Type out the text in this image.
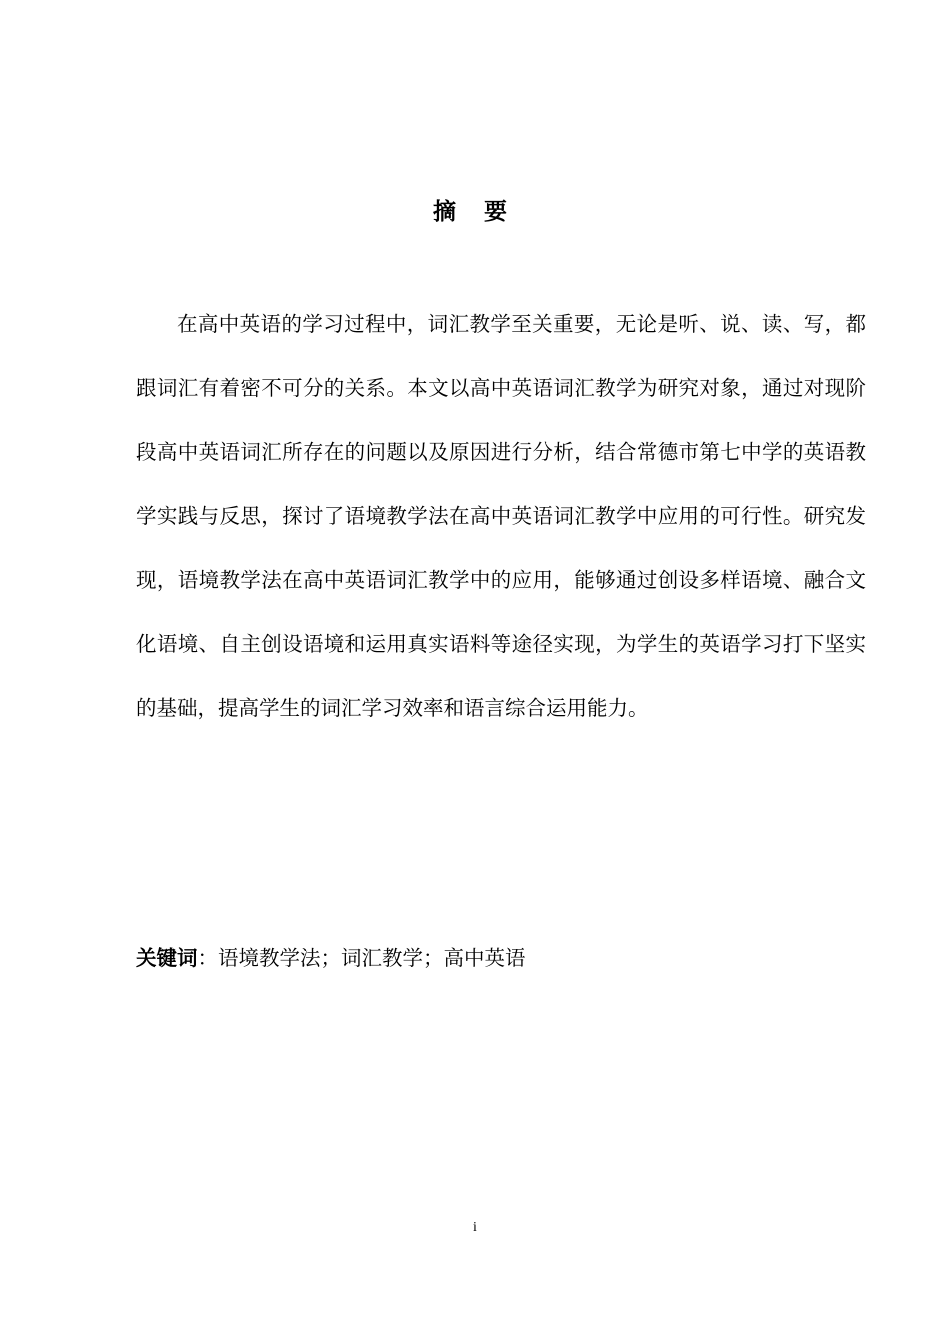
摘 要

在高中英语的学习过程中，词汇教学至关重要，无论是听、说、读、写，都跟词汇有着密不可分的关系。本文以高中英语词汇教学为研究对象，通过对现阶段高中英语词汇所存在的问题以及原因进行分析，结合常德市第七中学的英语教学实践与反思，探讨了语境教学法在高中英语词汇教学中应用的可行性。研究发现，语境教学法在高中英语词汇教学中的应用，能够通过创设多样语境、融合文化语境、自主创设语境和运用真实语料等途径实现，为学生的英语学习打下坚实的基础，提高学生的词汇学习效率和语言综合运用能力。

关键词：语境教学法；词汇教学；高中英语
i
